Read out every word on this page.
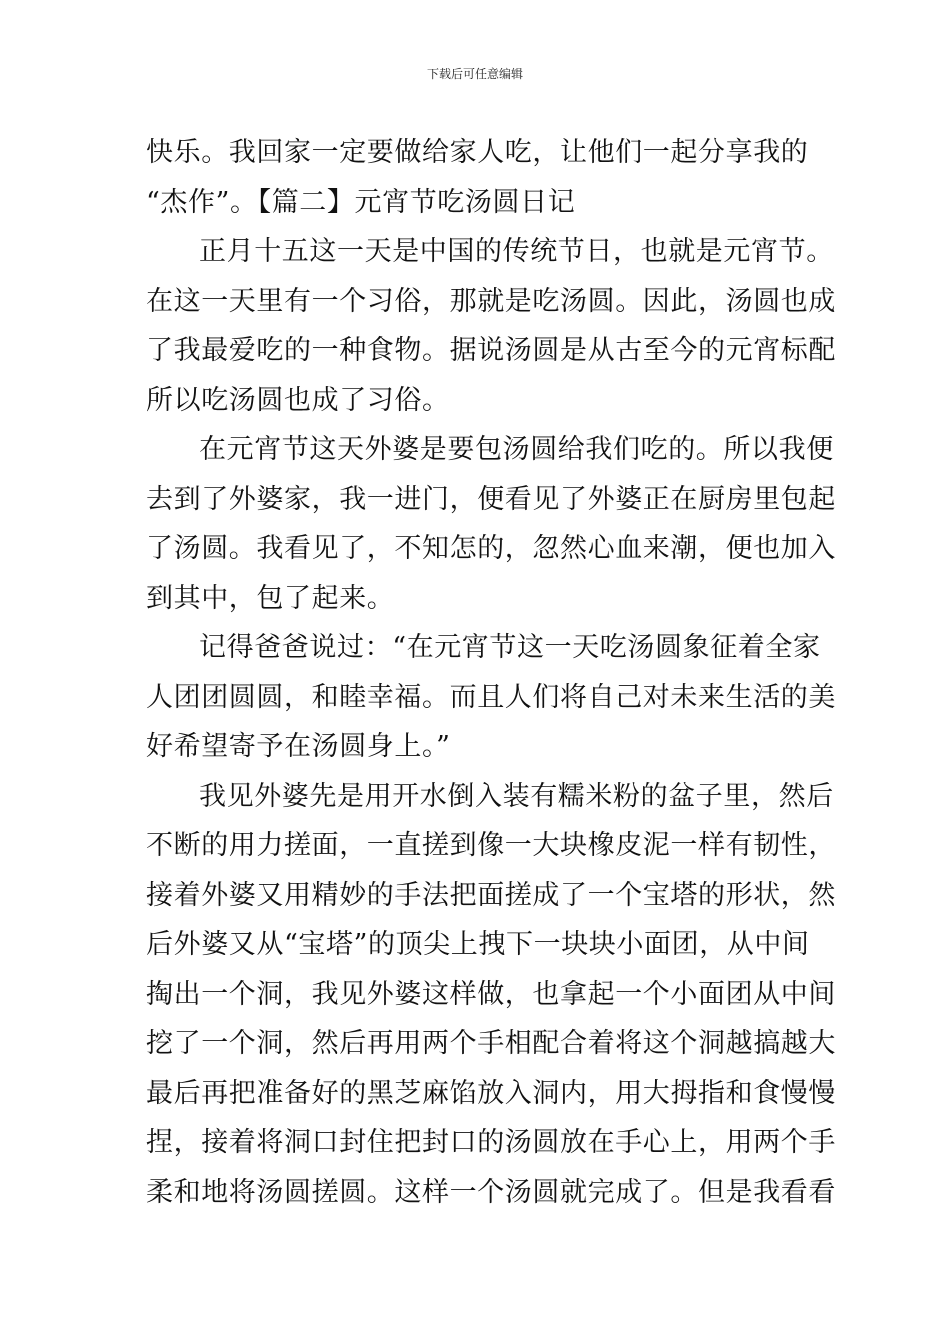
下载后可任意编辑
快乐。我回家一定要做给家人吃，让他们一起分享我的
“杰作”。【篇二】元宵节吃汤圆日记
正月十五这一天是中国的传统节日，也就是元宵节。
在这一天里有一个习俗，那就是吃汤圆。因此，汤圆也成
了我最爱吃的一种食物。据说汤圆是从古至今的元宵标配
所以吃汤圆也成了习俗。
在元宵节这天外婆是要包汤圆给我们吃的。所以我便
去到了外婆家，我一进门，便看见了外婆正在厨房里包起
了汤圆。我看见了，不知怎的，忽然心血来潮，便也加入
到其中，包了起来。
记得爸爸说过：“在元宵节这一天吃汤圆象征着全家
人团团圆圆，和睦幸福。而且人们将自己对未来生活的美
好希望寄予在汤圆身上。”
我见外婆先是用开水倒入装有糯米粉的盆子里，然后
不断的用力搓面，一直搓到像一大块橡皮泥一样有韧性，
接着外婆又用精妙的手法把面搓成了一个宝塔的形状，然
后外婆又从“宝塔”的顶尖上拽下一块块小面团，从中间
掏出一个洞，我见外婆这样做，也拿起一个小面团从中间
挖了一个洞，然后再用两个手相配合着将这个洞越搞越大
最后再把准备好的黑芝麻馅放入洞内，用大拇指和食慢慢
捏，接着将洞口封住把封口的汤圆放在手心上，用两个手
柔和地将汤圆搓圆。这样一个汤圆就完成了。但是我看看
